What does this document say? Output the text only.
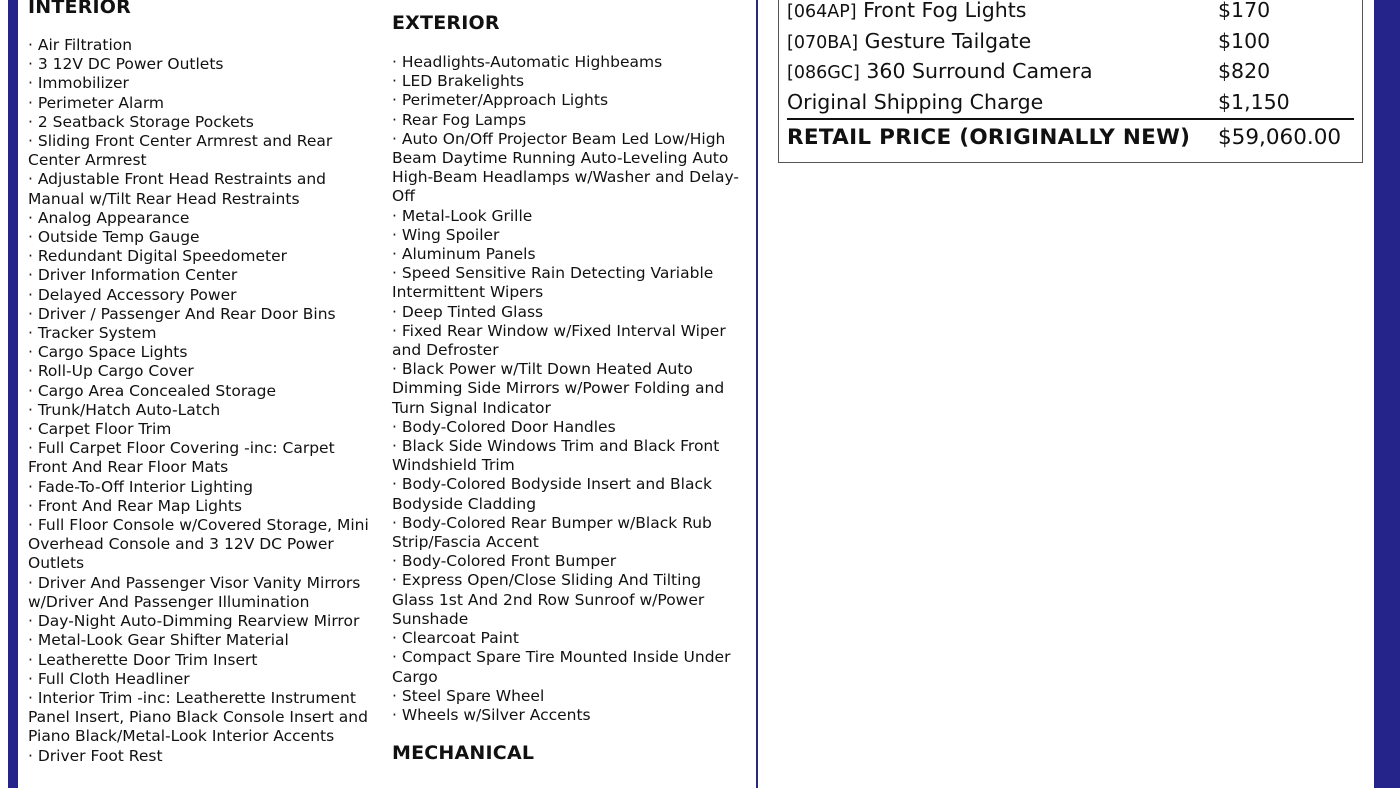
INTERIOR
· Air Filtration
· 3 12V DC Power Outlets
· Immobilizer
· Perimeter Alarm
· 2 Seatback Storage Pockets
· Sliding Front Center Armrest and Rear Center Armrest
· Adjustable Front Head Restraints and Manual w/Tilt Rear Head Restraints
· Analog Appearance
· Outside Temp Gauge
· Redundant Digital Speedometer
· Driver Information Center
· Delayed Accessory Power
· Driver / Passenger And Rear Door Bins
· Tracker System
· Cargo Space Lights
· Roll-Up Cargo Cover
· Cargo Area Concealed Storage
· Trunk/Hatch Auto-Latch
· Carpet Floor Trim
· Full Carpet Floor Covering -inc: Carpet Front And Rear Floor Mats
· Fade-To-Off Interior Lighting
· Front And Rear Map Lights
· Full Floor Console w/Covered Storage, Mini Overhead Console and 3 12V DC Power Outlets
· Driver And Passenger Visor Vanity Mirrors w/Driver And Passenger Illumination
· Day-Night Auto-Dimming Rearview Mirror
· Metal-Look Gear Shifter Material
· Leatherette Door Trim Insert
· Full Cloth Headliner
· Interior Trim -inc: Leatherette Instrument Panel Insert, Piano Black Console Insert and Piano Black/Metal-Look Interior Accents
· Driver Foot Rest
EXTERIOR
· Headlights-Automatic Highbeams
· LED Brakelights
· Perimeter/Approach Lights
· Rear Fog Lamps
· Auto On/Off Projector Beam Led Low/High Beam Daytime Running Auto-Leveling Auto High-Beam Headlamps w/Washer and Delay-Off
· Metal-Look Grille
· Wing Spoiler
· Aluminum Panels
· Speed Sensitive Rain Detecting Variable Intermittent Wipers
· Deep Tinted Glass
· Fixed Rear Window w/Fixed Interval Wiper and Defroster
· Black Power w/Tilt Down Heated Auto Dimming Side Mirrors w/Power Folding and Turn Signal Indicator
· Body-Colored Door Handles
· Black Side Windows Trim and Black Front Windshield Trim
· Body-Colored Bodyside Insert and Black Bodyside Cladding
· Body-Colored Rear Bumper w/Black Rub Strip/Fascia Accent
· Body-Colored Front Bumper
· Express Open/Close Sliding And Tilting Glass 1st And 2nd Row Sunroof w/Power Sunshade
· Clearcoat Paint
· Compact Spare Tire Mounted Inside Under Cargo
· Steel Spare Wheel
· Wheels w/Silver Accents
MECHANICAL
[064AP] Front Fog Lights	$170
[070BA] Gesture Tailgate	$100
[086GC] 360 Surround Camera	$820
Original Shipping Charge	$1,150
RETAIL PRICE (ORIGINALLY NEW) $59,060.00
